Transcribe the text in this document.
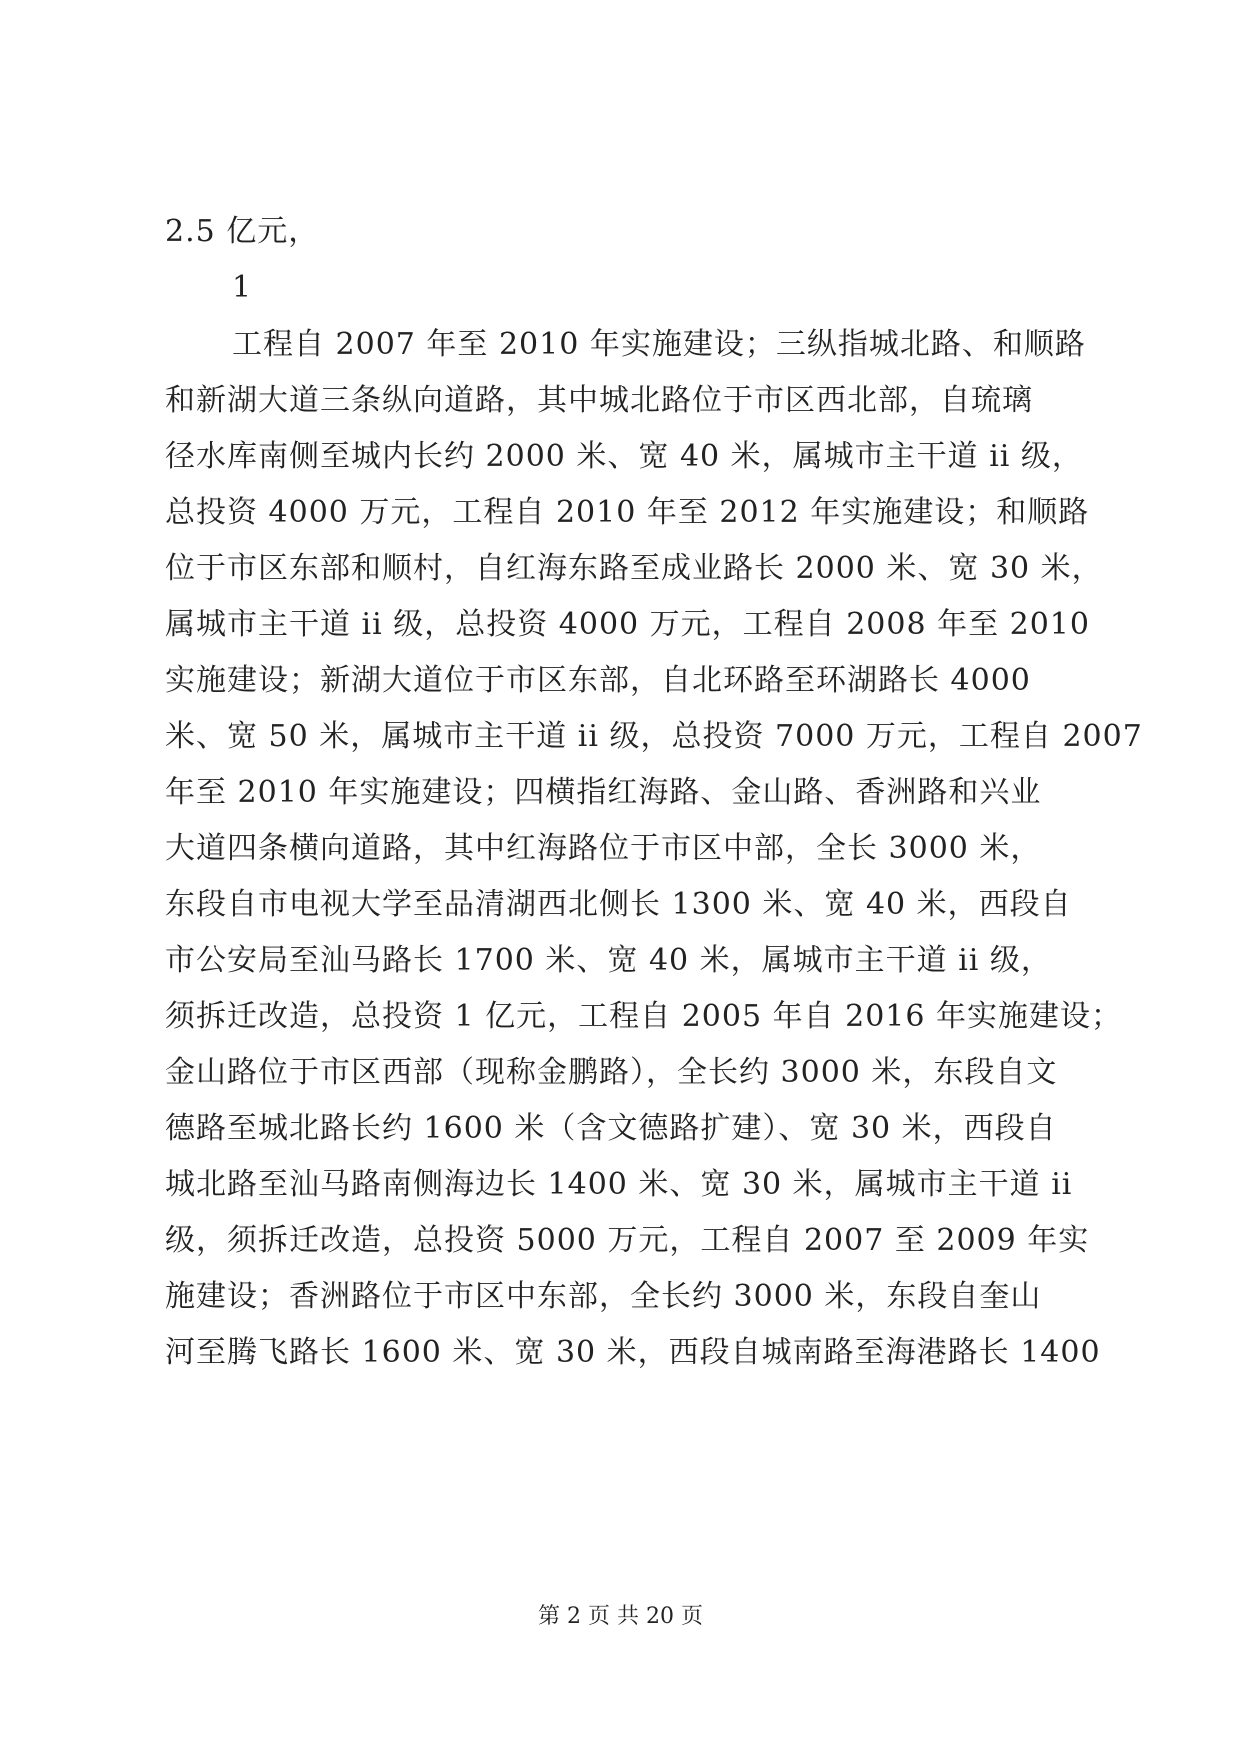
2.5 亿元，
1
工程自 2007 年至 2010 年实施建设；三纵指城北路、和顺路
和新湖大道三条纵向道路，其中城北路位于市区西北部，自琉璃
径水库南侧至城内长约 2000 米、宽 40 米，属城市主干道 ii 级，
总投资 4000 万元，工程自 2010 年至 2012 年实施建设；和顺路
位于市区东部和顺村，自红海东路至成业路长 2000 米、宽 30 米，
属城市主干道 ii 级，总投资 4000 万元，工程自 2008 年至 2010
实施建设；新湖大道位于市区东部，自北环路至环湖路长 4000
米、宽 50 米，属城市主干道 ii 级，总投资 7000 万元，工程自 2007
年至 2010 年实施建设；四横指红海路、金山路、香洲路和兴业
大道四条横向道路，其中红海路位于市区中部，全长 3000 米，
东段自市电视大学至品清湖西北侧长 1300 米、宽 40 米，西段自
市公安局至汕马路长 1700 米、宽 40 米，属城市主干道 ii 级，
须拆迁改造，总投资 1 亿元，工程自 2005 年自 2016 年实施建设；
金山路位于市区西部（现称金鹏路），全长约 3000 米，东段自文
德路至城北路长约 1600 米（含文德路扩建）、宽 30 米，西段自
城北路至汕马路南侧海边长 1400 米、宽 30 米，属城市主干道 ii
级，须拆迁改造，总投资 5000 万元，工程自 2007 至 2009 年实
施建设；香洲路位于市区中东部，全长约 3000 米，东段自奎山
河至腾飞路长 1600 米、宽 30 米，西段自城南路至海港路长 1400
第 2 页 共 20 页
